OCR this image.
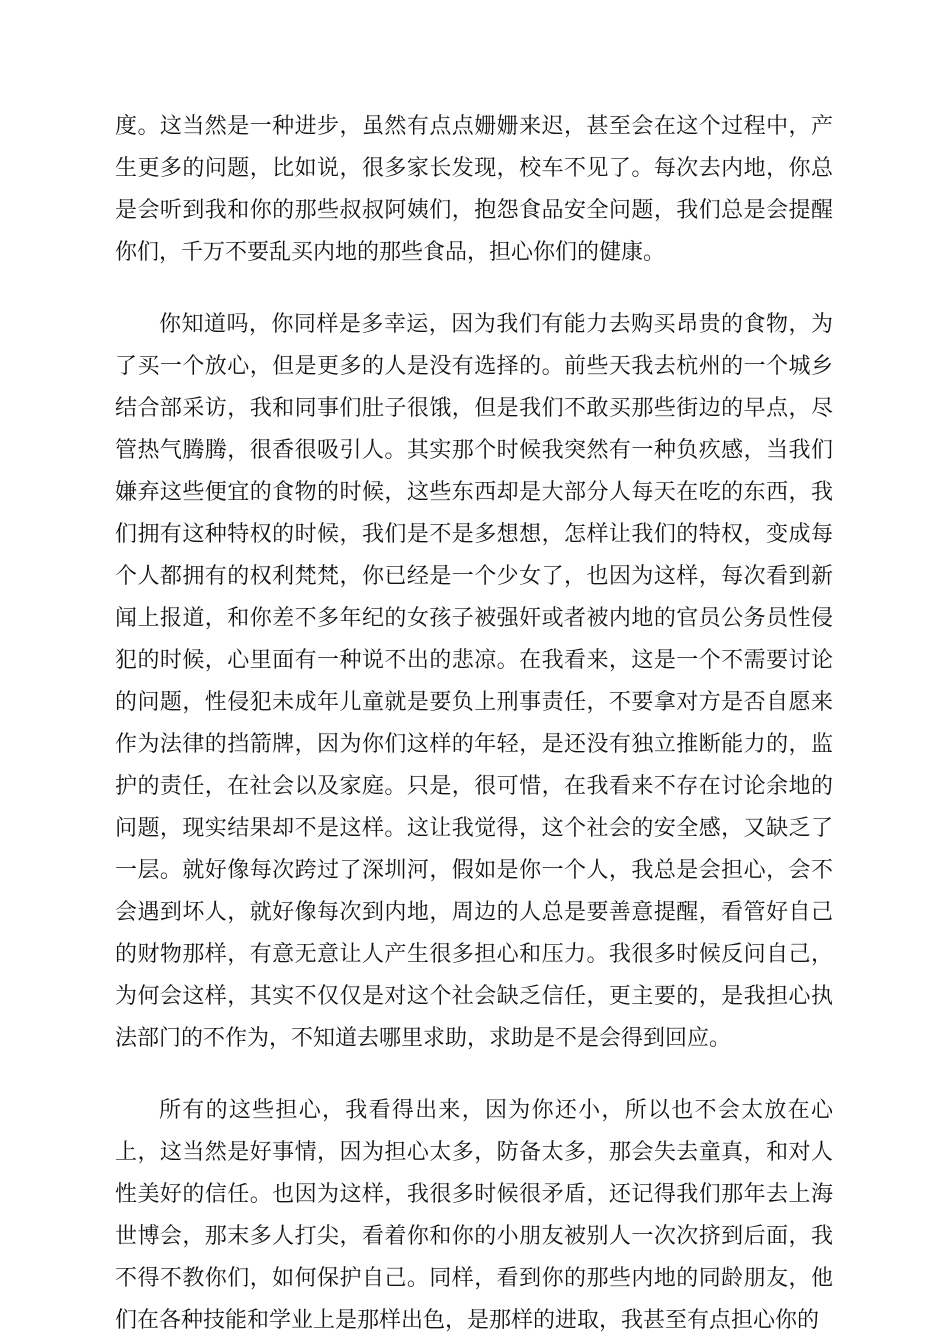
度。这当然是一种进步，虽然有点点姗姗来迟，甚至会在这个过程中，产生更多的问题，比如说，很多家长发现，校车不见了。每次去内地，你总是会听到我和你的那些叔叔阿姨们，抱怨食品安全问题，我们总是会提醒你们，千万不要乱买内地的那些食品，担心你们的健康。

你知道吗，你同样是多幸运，因为我们有能力去购买昂贵的食物，为了买一个放心，但是更多的人是没有选择的。前些天我去杭州的一个城乡结合部采访，我和同事们肚子很饿，但是我们不敢买那些街边的早点，尽管热气腾腾，很香很吸引人。其实那个时候我突然有一种负疚感，当我们嫌弃这些便宜的食物的时候，这些东西却是大部分人每天在吃的东西，我们拥有这种特权的时候，我们是不是多想想，怎样让我们的特权，变成每个人都拥有的权利梵梵，你已经是一个少女了，也因为这样，每次看到新闻上报道，和你差不多年纪的女孩子被强奸或者被内地的官员公务员性侵犯的时候，心里面有一种说不出的悲凉。在我看来，这是一个不需要讨论的问题，性侵犯未成年儿童就是要负上刑事责任，不要拿对方是否自愿来作为法律的挡箭牌，因为你们这样的年轻，是还没有独立推断能力的，监护的责任，在社会以及家庭。只是，很可惜，在我看来不存在讨论余地的问题，现实结果却不是这样。这让我觉得，这个社会的安全感，又缺乏了一层。就好像每次跨过了深圳河，假如是你一个人，我总是会担心，会不会遇到坏人，就好像每次到内地，周边的人总是要善意提醒，看管好自己的财物那样，有意无意让人产生很多担心和压力。我很多时候反问自己，为何会这样，其实不仅仅是对这个社会缺乏信任，更主要的，是我担心执法部门的不作为，不知道去哪里求助，求助是不是会得到回应。

所有的这些担心，我看得出来，因为你还小，所以也不会太放在心上，这当然是好事情，因为担心太多，防备太多，那会失去童真，和对人性美好的信任。也因为这样，我很多时候很矛盾，还记得我们那年去上海世博会，那末多人打尖，看着你和你的小朋友被别人一次次挤到后面，我不得不教你们，如何保护自己。同样，看到你的那些内地的同龄朋友，他们在各种技能和学业上是那样出色，是那样的进取，我甚至有点担心你的
